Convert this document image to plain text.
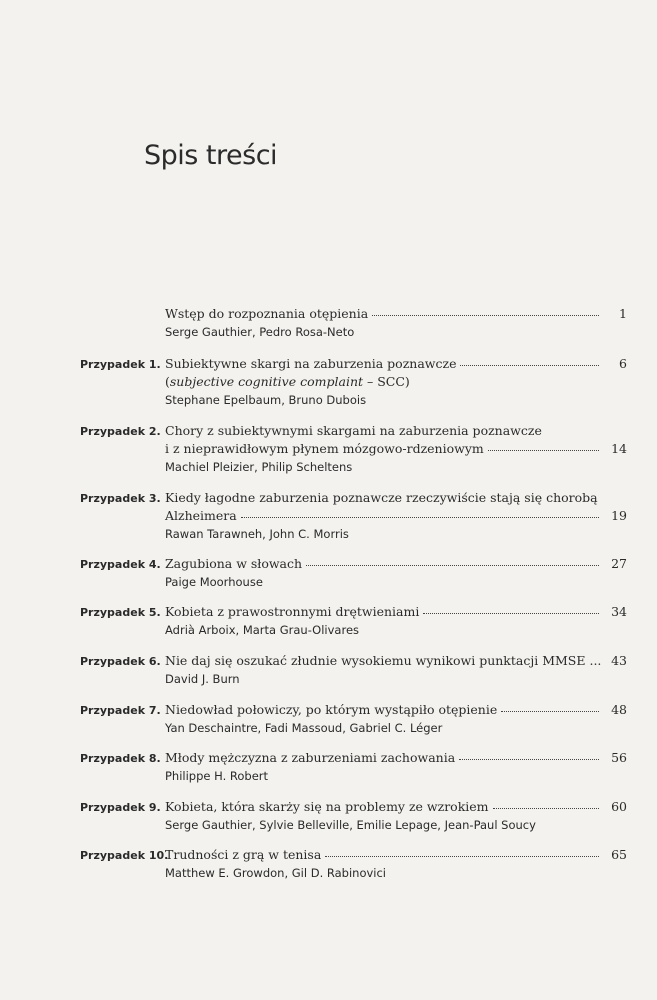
Spis treści
Wstęp do rozpoznania otępienia	1
Serge Gauthier, Pedro Rosa-Neto
Przypadek 1. Subiektywne skargi na zaburzenia poznawcze	6
(subjective cognitive complaint – SCC)
Stephane Epelbaum, Bruno Dubois
Przypadek 2. Chory z subiektywnymi skargami na zaburzenia poznawcze
i z nieprawidłowym płynem mózgowo-rdzeniowym	14
Machiel Pleizier, Philip Scheltens
Przypadek 3. Kiedy łagodne zaburzenia poznawcze rzeczywiście stają się chorobą
Alzheimera	19
Rawan Tarawneh, John C. Morris
Przypadek 4. Zagubiona w słowach	27
Paige Moorhouse
Przypadek 5. Kobieta z prawostronnymi drętwieniami	34
Adrià Arboix, Marta Grau-Olivares
Przypadek 6. Nie daj się oszukać złudnie wysokiemu wynikowi punktacji MMSE ... 43
David J. Burn
Przypadek 7. Niedowład połowiczy, po którym wystąpiło otępienie	48
Yan Deschaintre, Fadi Massoud, Gabriel C. Léger
Przypadek 8. Młody mężczyzna z zaburzeniami zachowania	56
Philippe H. Robert
Przypadek 9. Kobieta, która skarży się na problemy ze wzrokiem	60
Serge Gauthier, Sylvie Belleville, Emilie Lepage, Jean-Paul Soucy
Przypadek 10.
Trudności z grą w tenisa	65
Matthew E. Growdon, Gil D. Rabinovici
